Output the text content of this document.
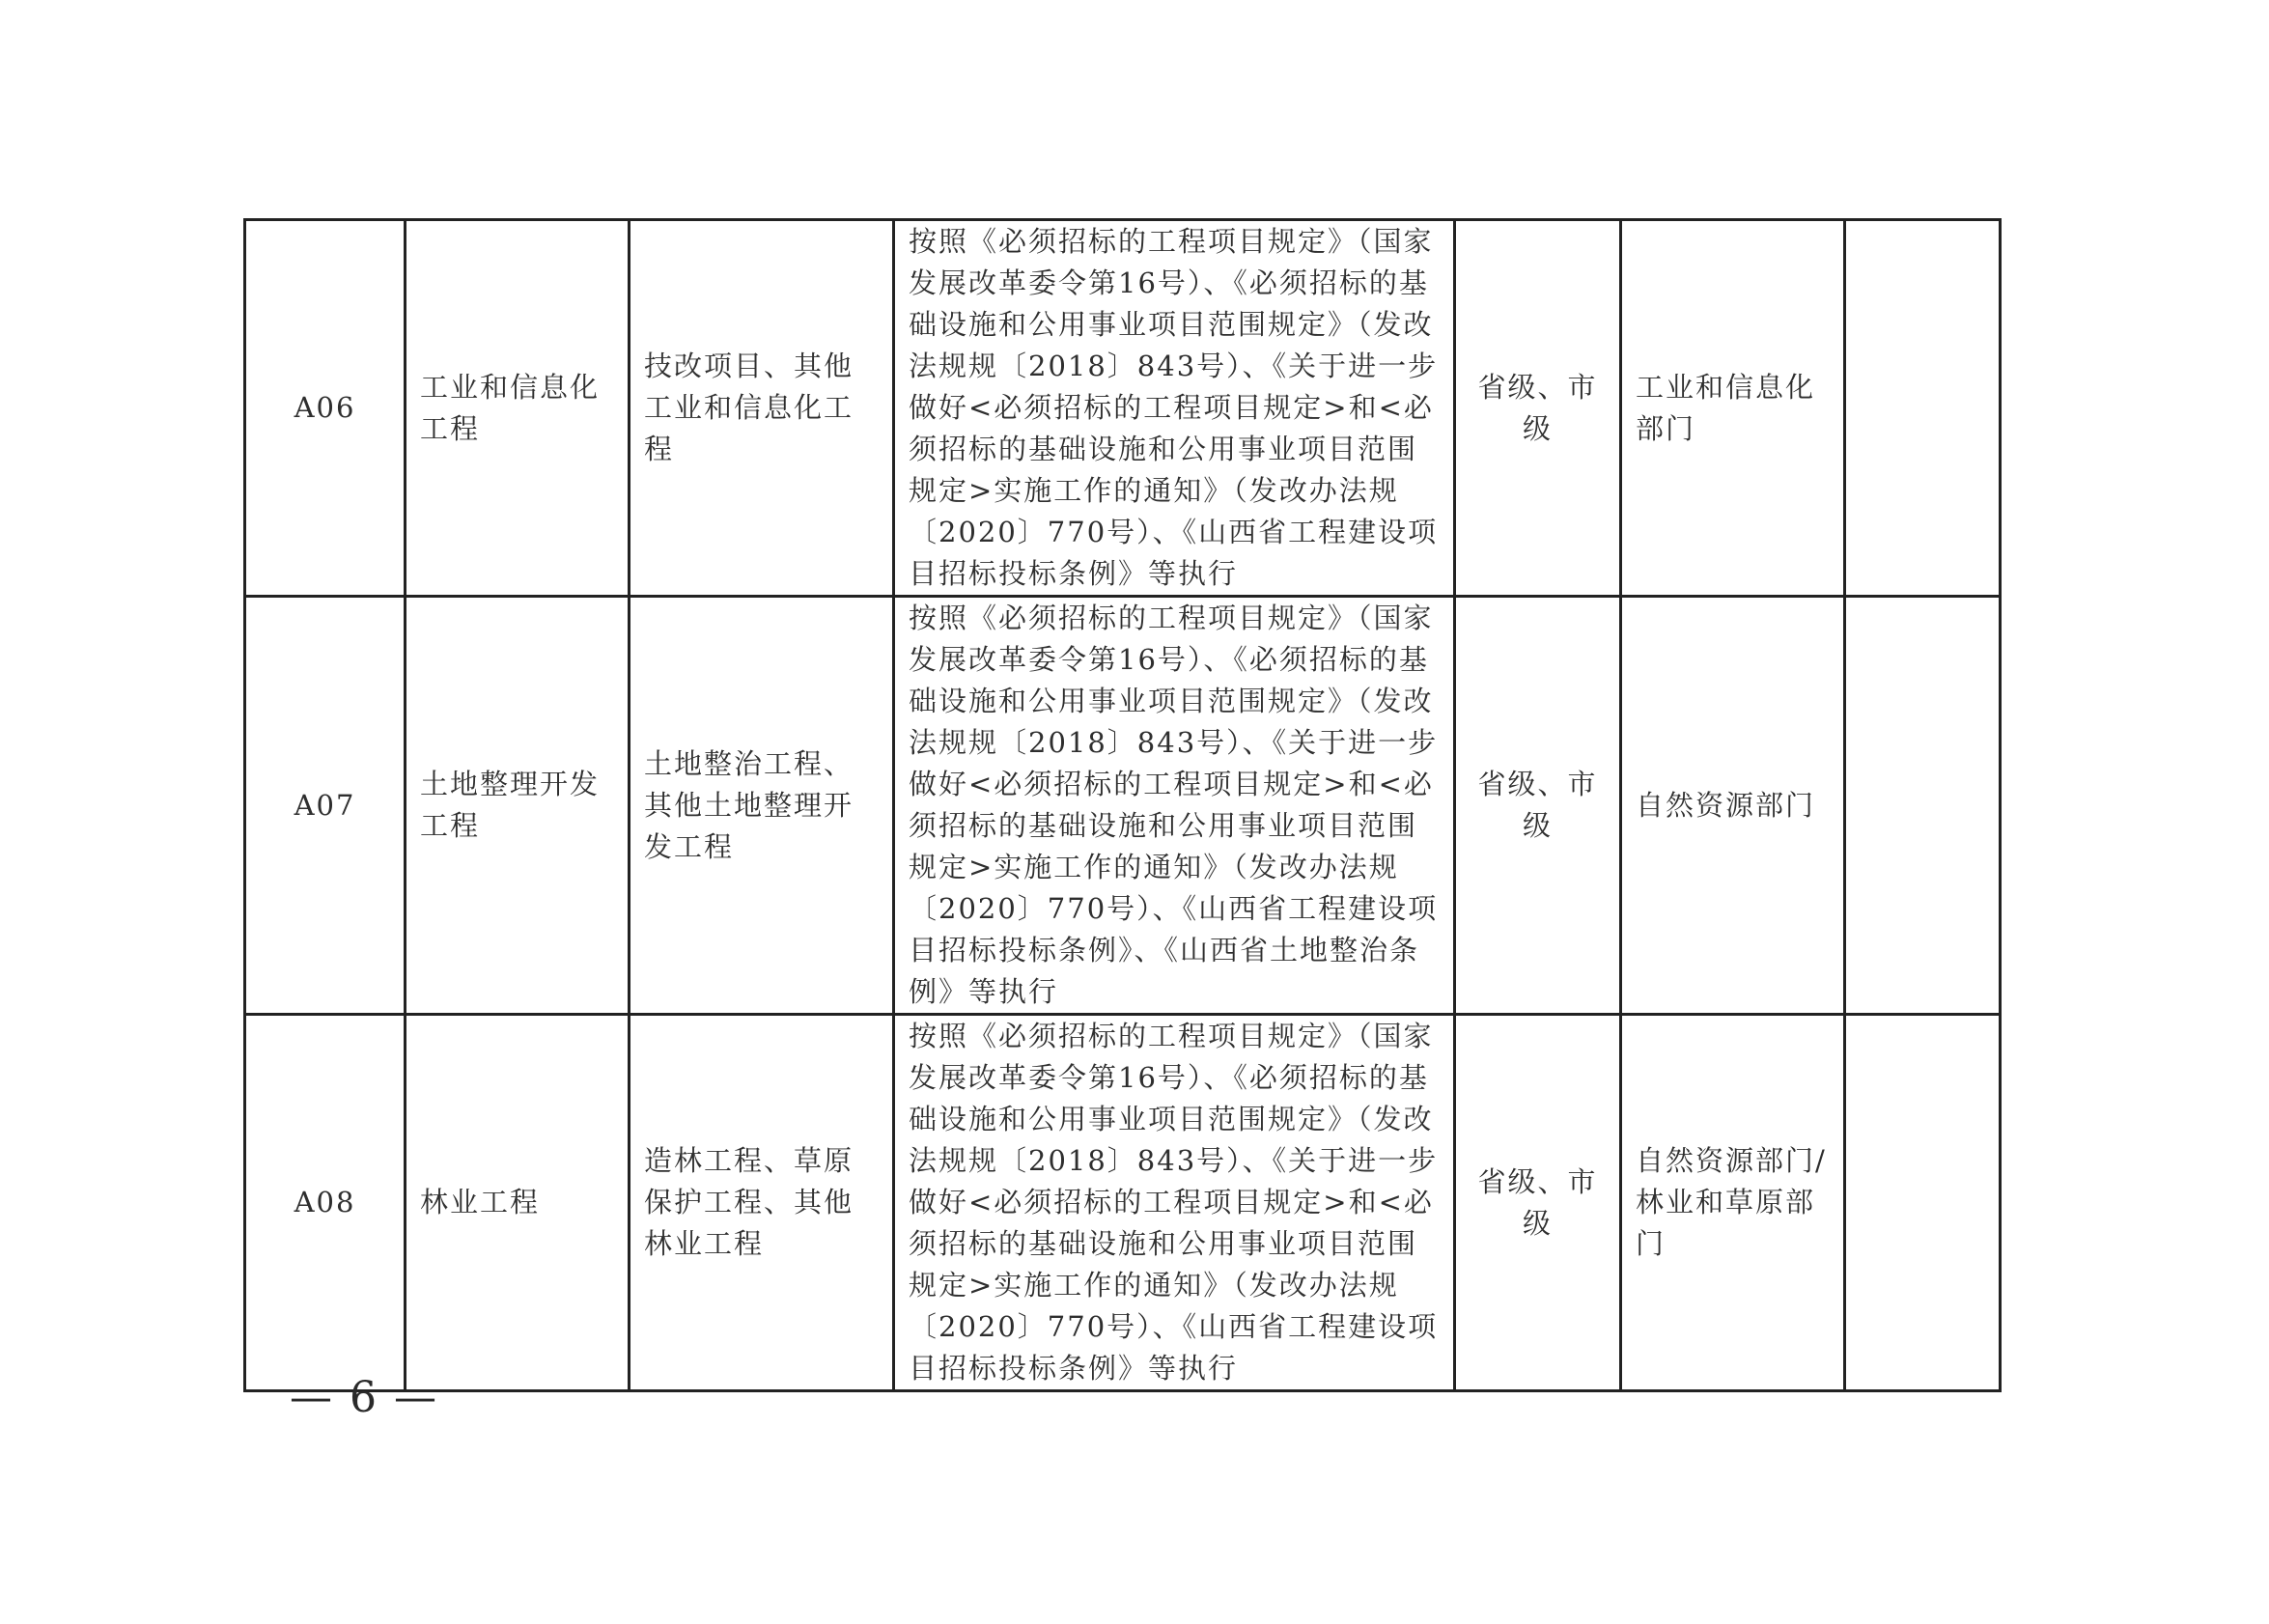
A06	工业和信息化工程	技改项目、其他工业和信息化工程	按照《必须招标的工程项目规定》（国家发展改革委令第16号）、《必须招标的基础设施和公用事业项目范围规定》（发改法规规〔2018〕843号）、《关于进一步做好<必须招标的工程项目规定>和<必须招标的基础设施和公用事业项目范围规定>实施工作的通知》（发改办法规〔2020〕770号）、《山西省工程建设项目招标投标条例》等执行	省级、市级	工业和信息化部门	
A07	土地整理开发工程	土地整治工程、其他土地整理开发工程	按照《必须招标的工程项目规定》（国家发展改革委令第16号）、《必须招标的基础设施和公用事业项目范围规定》（发改法规规〔2018〕843号）、《关于进一步做好<必须招标的工程项目规定>和<必须招标的基础设施和公用事业项目范围规定>实施工作的通知》（发改办法规〔2020〕770号）、《山西省工程建设项目招标投标条例》、《山西省土地整治条例》等执行	省级、市级	自然资源部门	
A08	林业工程	造林工程、草原保护工程、其他林业工程	按照《必须招标的工程项目规定》（国家发展改革委令第16号）、《必须招标的基础设施和公用事业项目范围规定》（发改法规规〔2018〕843号）、《关于进一步做好<必须招标的工程项目规定>和<必须招标的基础设施和公用事业项目范围规定>实施工作的通知》（发改办法规〔2020〕770号）、《山西省工程建设项目招标投标条例》等执行	省级、市级	自然资源部门/林业和草原部门	
— 6 —
